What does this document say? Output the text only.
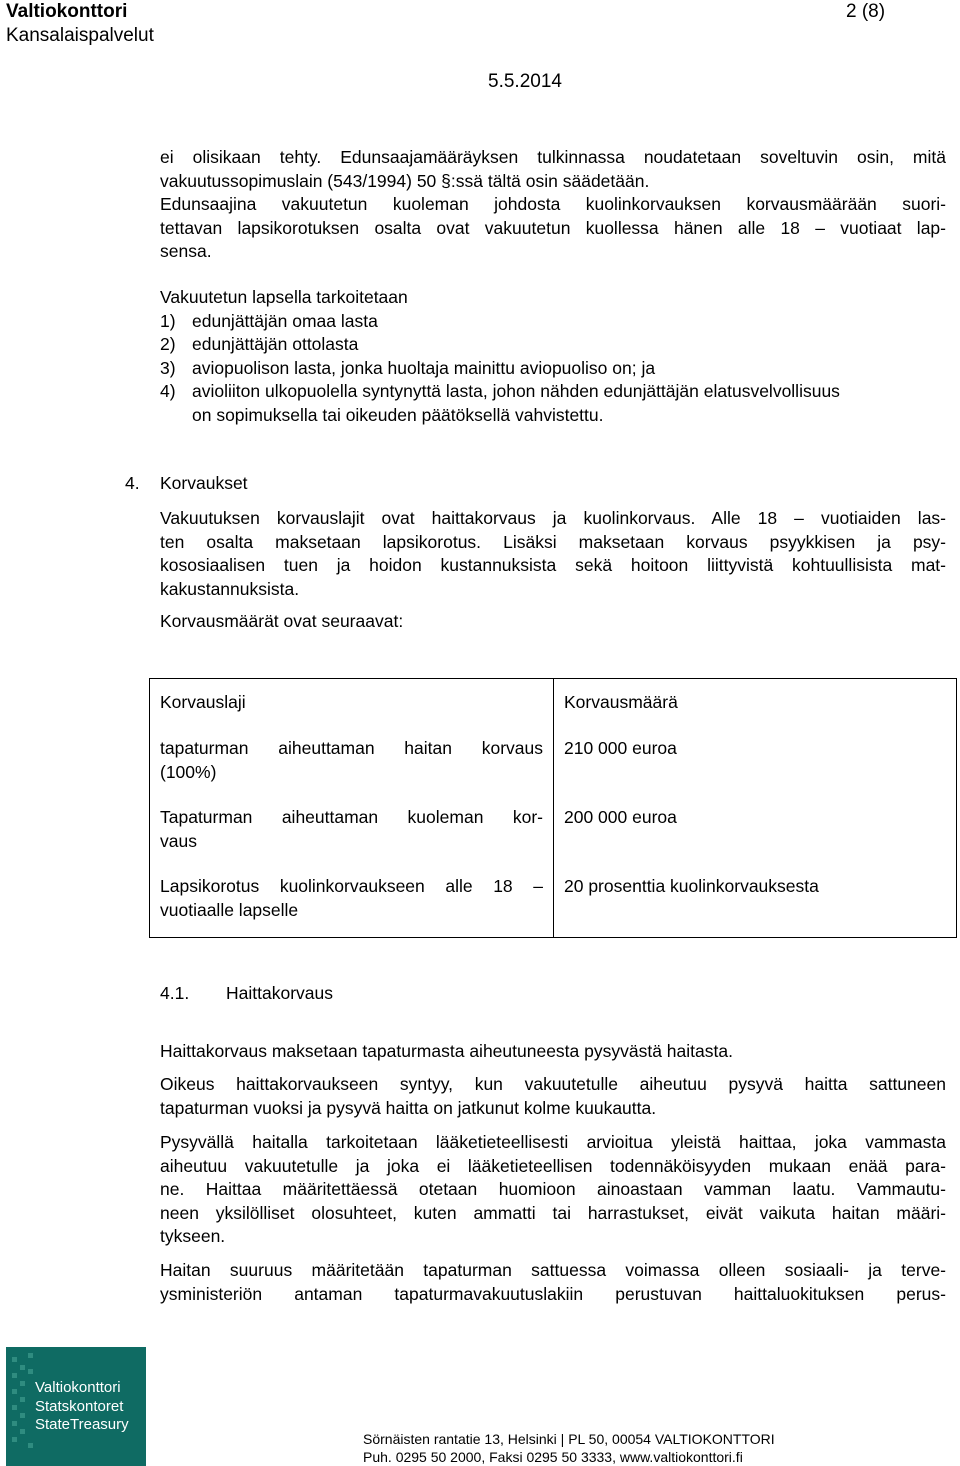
Valtiokonttori
Kansalaispalvelut
2 (8)
5.5.2014
ei olisikaan tehty. Edunsaajamääräyksen tulkinnassa noudatetaan soveltuvin osin, mitä
vakuutussopimuslain (543/1994) 50 §:ssä tältä osin säädetään.
Edunsaajina vakuutetun kuoleman johdosta kuolinkorvauksen korvausmäärään suori-
tettavan lapsikorotuksen osalta ovat vakuutetun kuollessa hänen alle 18 – vuotiaat lap-
sensa.
Vakuutetun lapsella tarkoitetaan
1) edunjättäjän omaa lasta
2) edunjättäjän ottolasta
3) aviopuolison lasta, jonka huoltaja mainittu aviopuoliso on; ja
4) avioliiton ulkopuolella syntynyttä lasta, johon nähden edunjättäjän elatusvelvollisuus
on sopimuksella tai oikeuden päätöksellä vahvistettu.
4. Korvaukset
Vakuutuksen korvauslajit ovat haittakorvaus ja kuolinkorvaus. Alle 18 – vuotiaiden las-
ten osalta maksetaan lapsikorotus. Lisäksi maksetaan korvaus psyykkisen ja psy-
kososiaalisen tuen ja hoidon kustannuksista sekä hoitoon liittyvistä kohtuullisista mat-
kakustannuksista.
Korvausmäärät ovat seuraavat:
Korvauslaji	Korvausmäärä

tapaturman aiheuttaman haitan korvaus
(100%)	210 000 euroa

Tapaturman aiheuttaman kuoleman kor-
vaus	200 000 euroa

Lapsikorotus kuolinkorvaukseen alle 18 –
vuotiaalle lapselle	20 prosenttia kuolinkorvauksesta
4.1. Haittakorvaus
Haittakorvaus maksetaan tapaturmasta aiheutuneesta pysyvästä haitasta.
Oikeus haittakorvaukseen syntyy, kun vakuutetulle aiheutuu pysyvä haitta sattuneen
tapaturman vuoksi ja pysyvä haitta on jatkunut kolme kuukautta.
Pysyvällä haitalla tarkoitetaan lääketieteellisesti arvioitua yleistä haittaa, joka vammasta
aiheutuu vakuutetulle ja joka ei lääketieteellisen todennäköisyyden mukaan enää para-
ne. Haittaa määritettäessä otetaan huomioon ainoastaan vamman laatu. Vammautu-
neen yksilölliset olosuhteet, kuten ammatti tai harrastukset, eivät vaikuta haitan määri-
tykseen.
Haitan suuruus määritetään tapaturman sattuessa voimassa olleen sosiaali- ja terve-
ysministeriön antaman tapaturmavakuutuslakiin perustuvan haittaluokituksen perus-
Valtiokonttori
Statskontoret
StateTreasury
Sörnäisten rantatie 13, Helsinki | PL 50, 00054 VALTIOKONTTORI
Puh. 0295 50 2000, Faksi 0295 50 3333, www.valtiokonttori.fi
